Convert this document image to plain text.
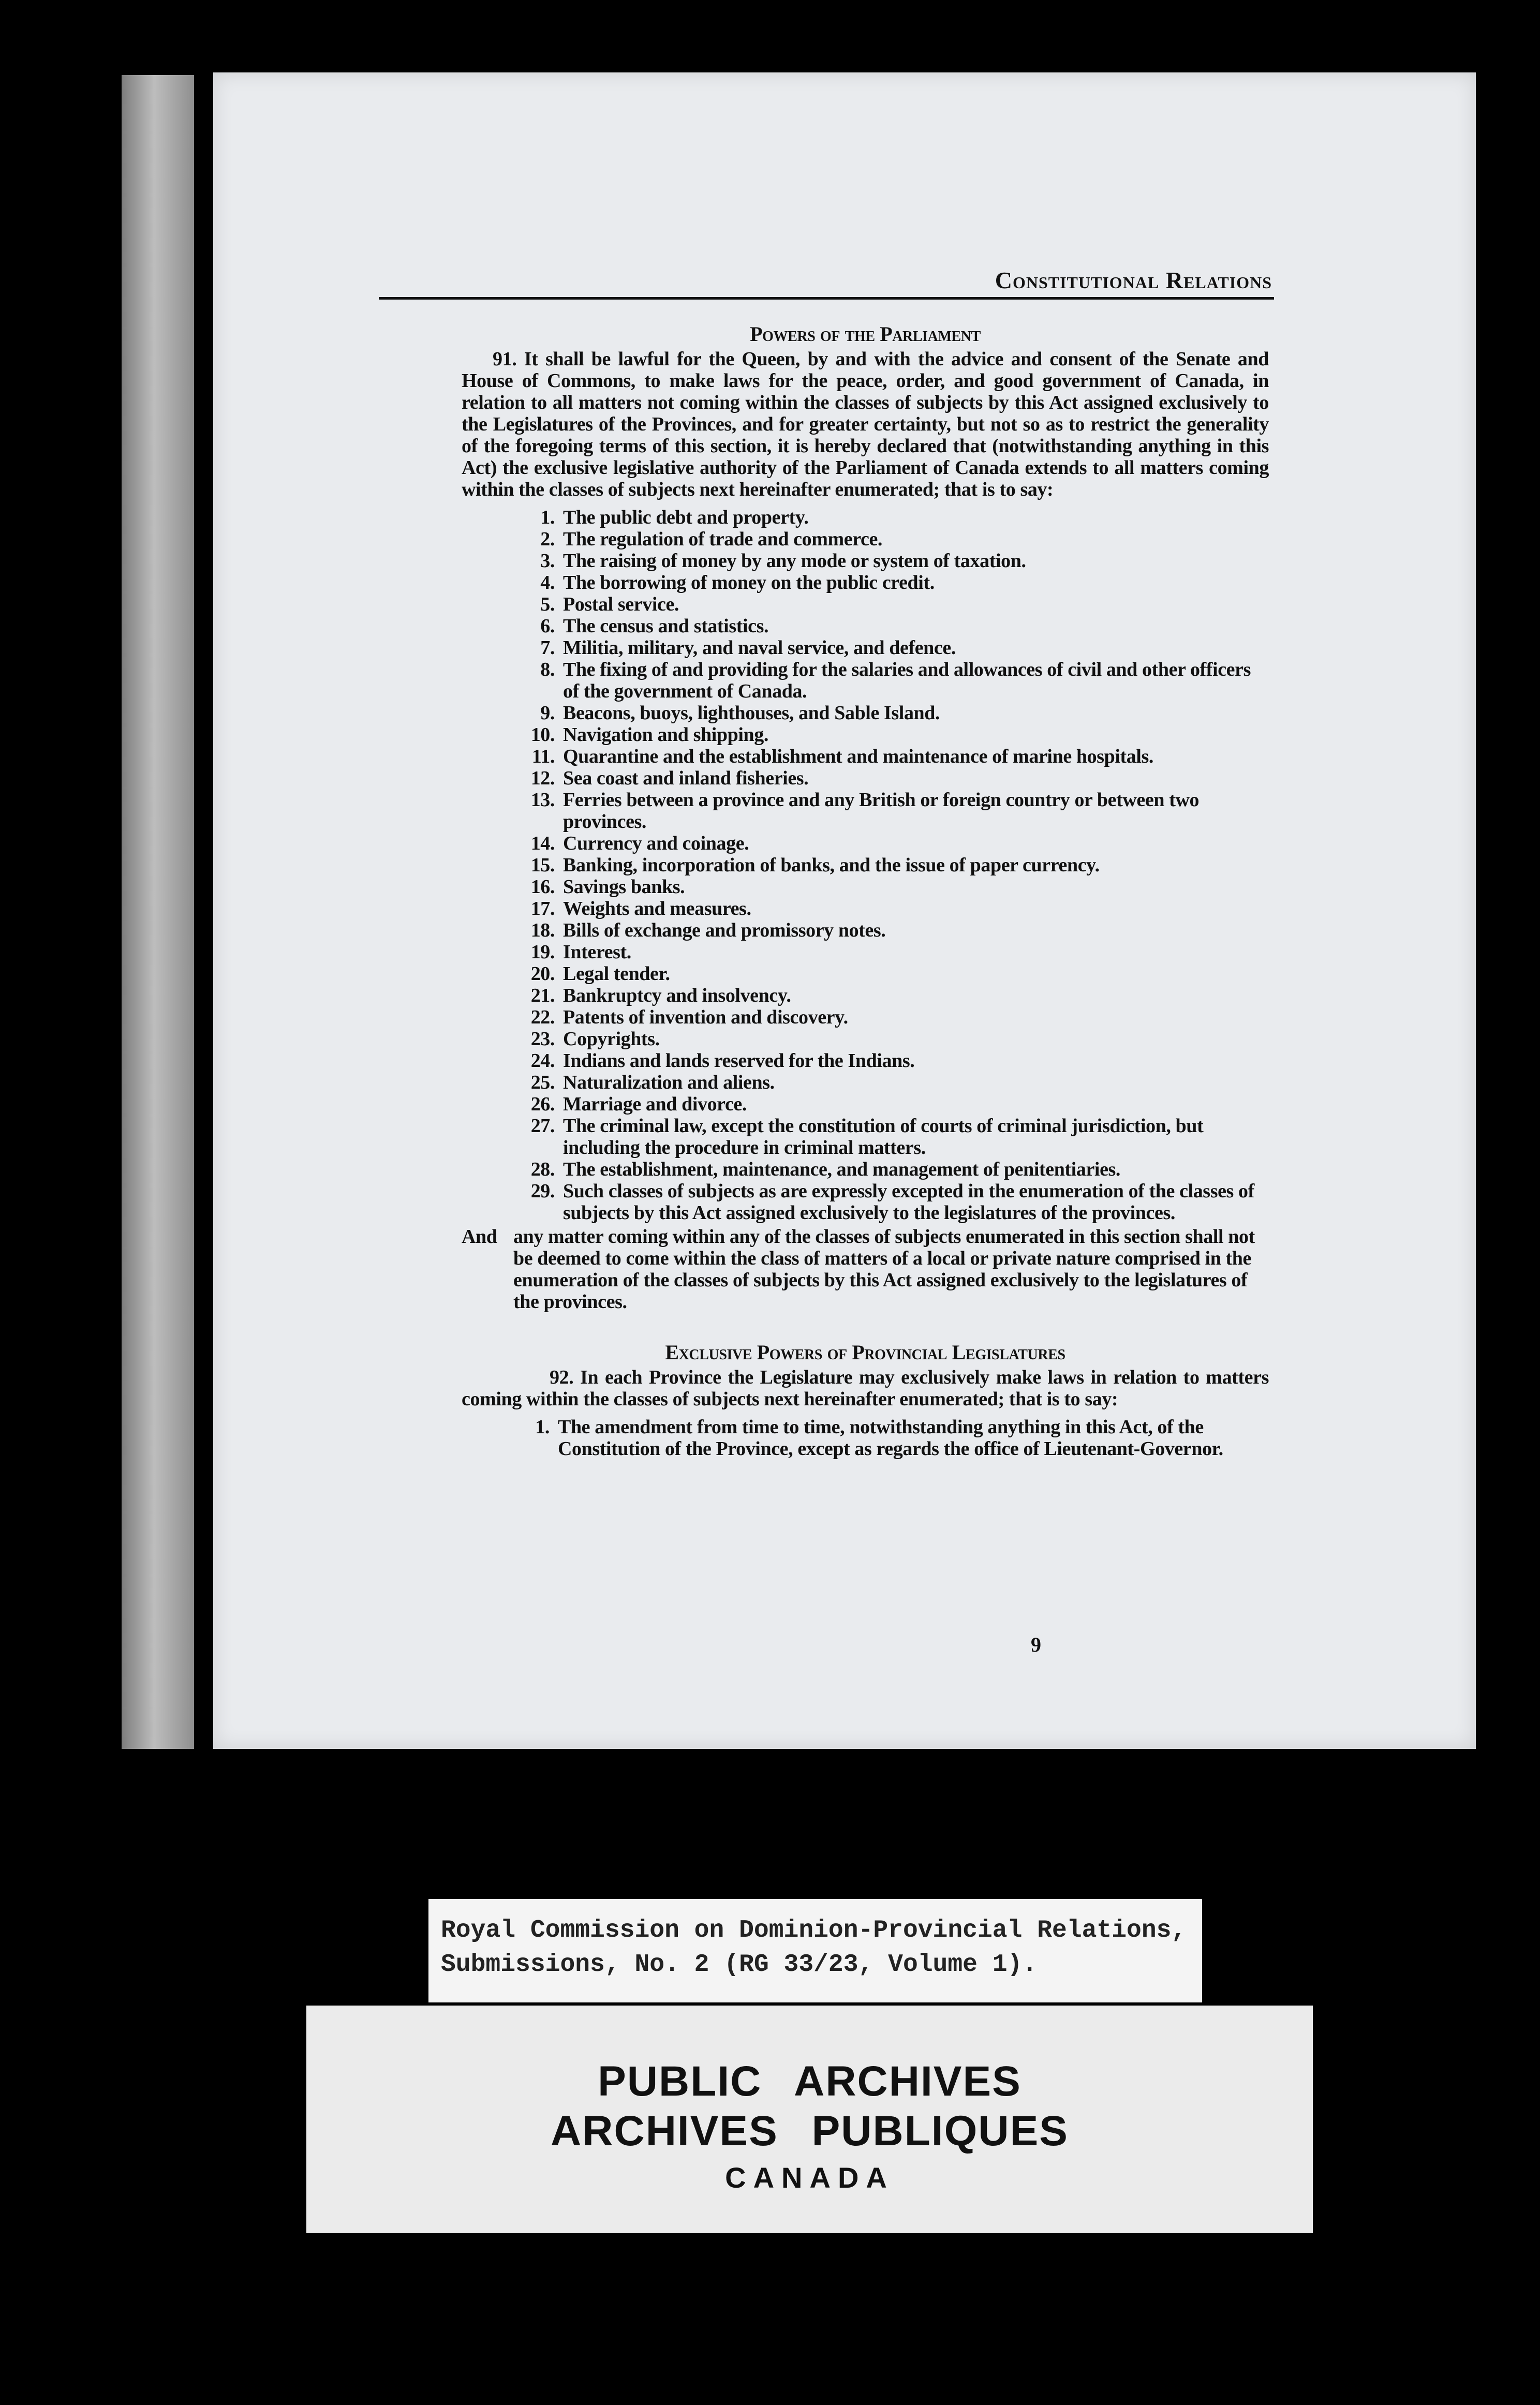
Constitutional Relations
Powers of the Parliament

91. It shall be lawful for the Queen, by and with the advice and consent of the Senate and House of Commons, to make laws for the peace, order, and good government of Canada, in relation to all matters not coming within the classes of subjects by this Act assigned exclusively to the Legislatures of the Provinces, and for greater certainty, but not so as to restrict the generality of the foregoing terms of this section, it is hereby declared that (notwithstanding anything in this Act) the exclusive legislative authority of the Parliament of Canada extends to all matters coming within the classes of subjects next hereinafter enumerated; that is to say:

1. The public debt and property.
2. The regulation of trade and commerce.
3. The raising of money by any mode or system of taxation.
4. The borrowing of money on the public credit.
5. Postal service.
6. The census and statistics.
7. Militia, military, and naval service, and defence.
8. The fixing of and providing for the salaries and allowances of civil and other officers of the government of Canada.
9. Beacons, buoys, lighthouses, and Sable Island.
10. Navigation and shipping.
11. Quarantine and the establishment and maintenance of marine hospitals.
12. Sea coast and inland fisheries.
13. Ferries between a province and any British or foreign country or between two provinces.
14. Currency and coinage.
15. Banking, incorporation of banks, and the issue of paper currency.
16. Savings banks.
17. Weights and measures.
18. Bills of exchange and promissory notes.
19. Interest.
20. Legal tender.
21. Bankruptcy and insolvency.
22. Patents of invention and discovery.
23. Copyrights.
24. Indians and lands reserved for the Indians.
25. Naturalization and aliens.
26. Marriage and divorce.
27. The criminal law, except the constitution of courts of criminal jurisdiction, but including the procedure in criminal matters.
28. The establishment, maintenance, and management of penitentiaries.
29. Such classes of subjects as are expressly excepted in the enumeration of the classes of subjects by this Act assigned exclusively to the legislatures of the provinces.

And any matter coming within any of the classes of subjects enumerated in this section shall not be deemed to come within the class of matters of a local or private nature comprised in the enumeration of the classes of subjects by this Act assigned exclusively to the legislatures of the provinces.

Exclusive Powers of Provincial Legislatures

92. In each Province the Legislature may exclusively make laws in relation to matters coming within the classes of subjects next hereinafter enumerated; that is to say:

1. The amendment from time to time, notwithstanding anything in this Act, of the Constitution of the Province, except as regards the office of Lieutenant-Governor.
9
Royal Commission on Dominion-Provincial Relations,
Submissions, No. 2 (RG 33/23, Volume 1).
PUBLIC ARCHIVES
ARCHIVES PUBLIQUES
CANADA
